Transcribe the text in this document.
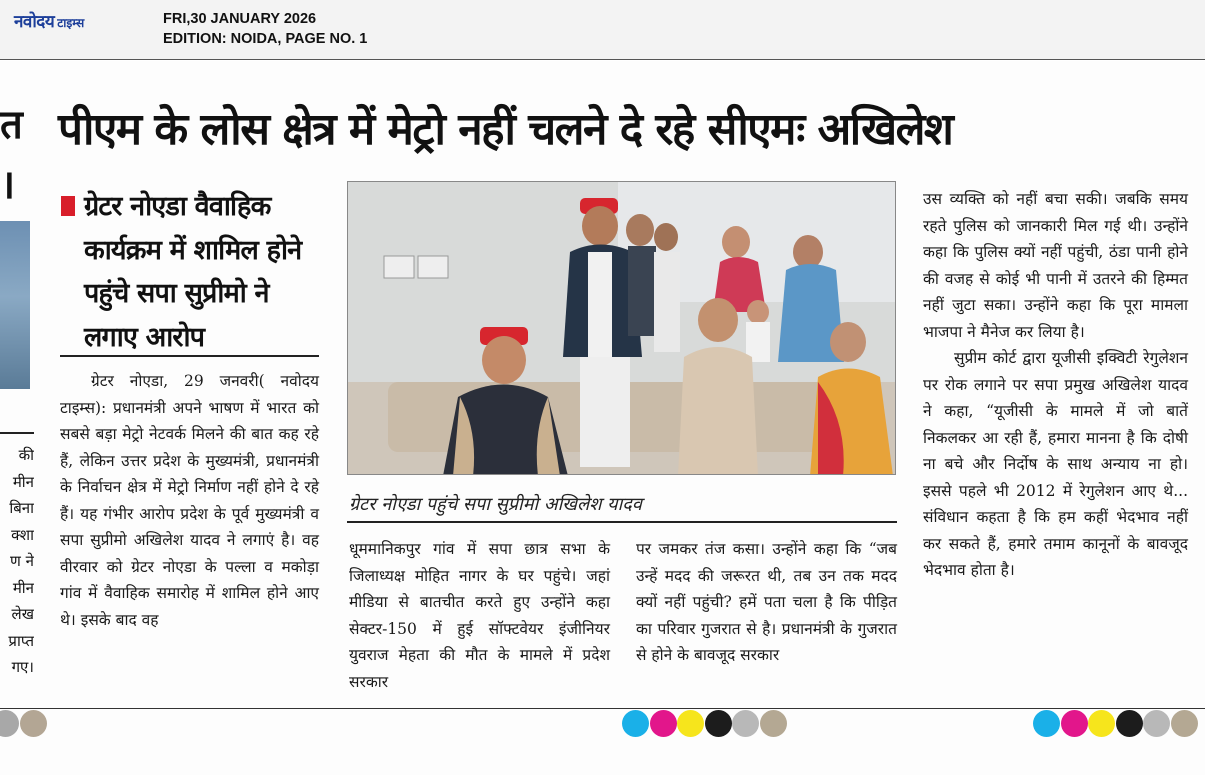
नवोदय टाइम्स	FRI,30 JANUARY 2026
EDITION: NOIDA, PAGE NO. 1
त
।
की
मीन
बिना
क्शा
ण ने
मीन
लेख
प्राप्त
गए।
पीएम के लोस क्षेत्र में मेट्रो नहीं चलने दे रहे सीएमः अखिलेश
ग्रेटर नोएडा वैवाहिक कार्यक्रम में शामिल होने पहुंचे सपा सुप्रीमो ने लगाए आरोप

ग्रेटर नोएडा, 29 जनवरी( नवोदय टाइम्स): प्रधानमंत्री अपने भाषण में भारत को सबसे बड़ा मेट्रो नेटवर्क मिलने की बात कह रहे हैं, लेकिन उत्तर प्रदेश के मुख्यमंत्री, प्रधानमंत्री के निर्वाचन क्षेत्र में मेट्रो निर्माण नहीं होने दे रहे हैं। यह गंभीर आरोप प्रदेश के पूर्व मुख्यमंत्री व सपा सुप्रीमो अखिलेश यादव ने लगाएं है। वह वीरवार को ग्रेटर नोएडा के पल्ला व मकोड़ा गांव में वैवाहिक समारोह में शामिल होने आए थे। इसके बाद वह

ग्रेटर नोएडा पहुंचे सपा सुप्रीमो अखिलेश यादव

धूममानिकपुर गांव में सपा छात्र सभा के जिलाध्यक्ष मोहित नागर के घर पहुंचे। जहां मीडिया से बातचीत करते हुए उन्होंने कहा सेक्टर-150 में हुई सॉफ्टवेयर इंजीनियर युवराज मेहता की मौत के मामले में प्रदेश सरकार

पर जमकर तंज कसा। उन्होंने कहा कि “जब उन्हें मदद की जरूरत थी, तब उन तक मदद क्यों नहीं पहुंची? हमें पता चला है कि पीड़ित का परिवार गुजरात से है। प्रधानमंत्री के गुजरात से होने के बावजूद सरकार

उस व्यक्ति को नहीं बचा सकी। जबकि समय रहते पुलिस को जानकारी मिल गई थी। उन्होंने कहा कि पुलिस क्यों नहीं पहुंची, ठंडा पानी होने की वजह से कोई भी पानी में उतरने की हिम्मत नहीं जुटा सका। उन्होंने कहा कि पूरा मामला भाजपा ने मैनेज कर लिया है।

सुप्रीम कोर्ट द्वारा यूजीसी इक्विटी रेगुलेशन पर रोक लगाने पर सपा प्रमुख अखिलेश यादव ने कहा, “यूजीसी के मामले में जो बातें निकलकर आ रही हैं, हमारा मानना है कि दोषी ना बचे और निर्दोष के साथ अन्याय ना हो। इससे पहले भी 2012 में रेगुलेशन आए थे... संविधान कहता है कि हम कहीं भेदभाव नहीं कर सकते हैं, हमारे तमाम कानूनों के बावजूद भेदभाव होता है।
